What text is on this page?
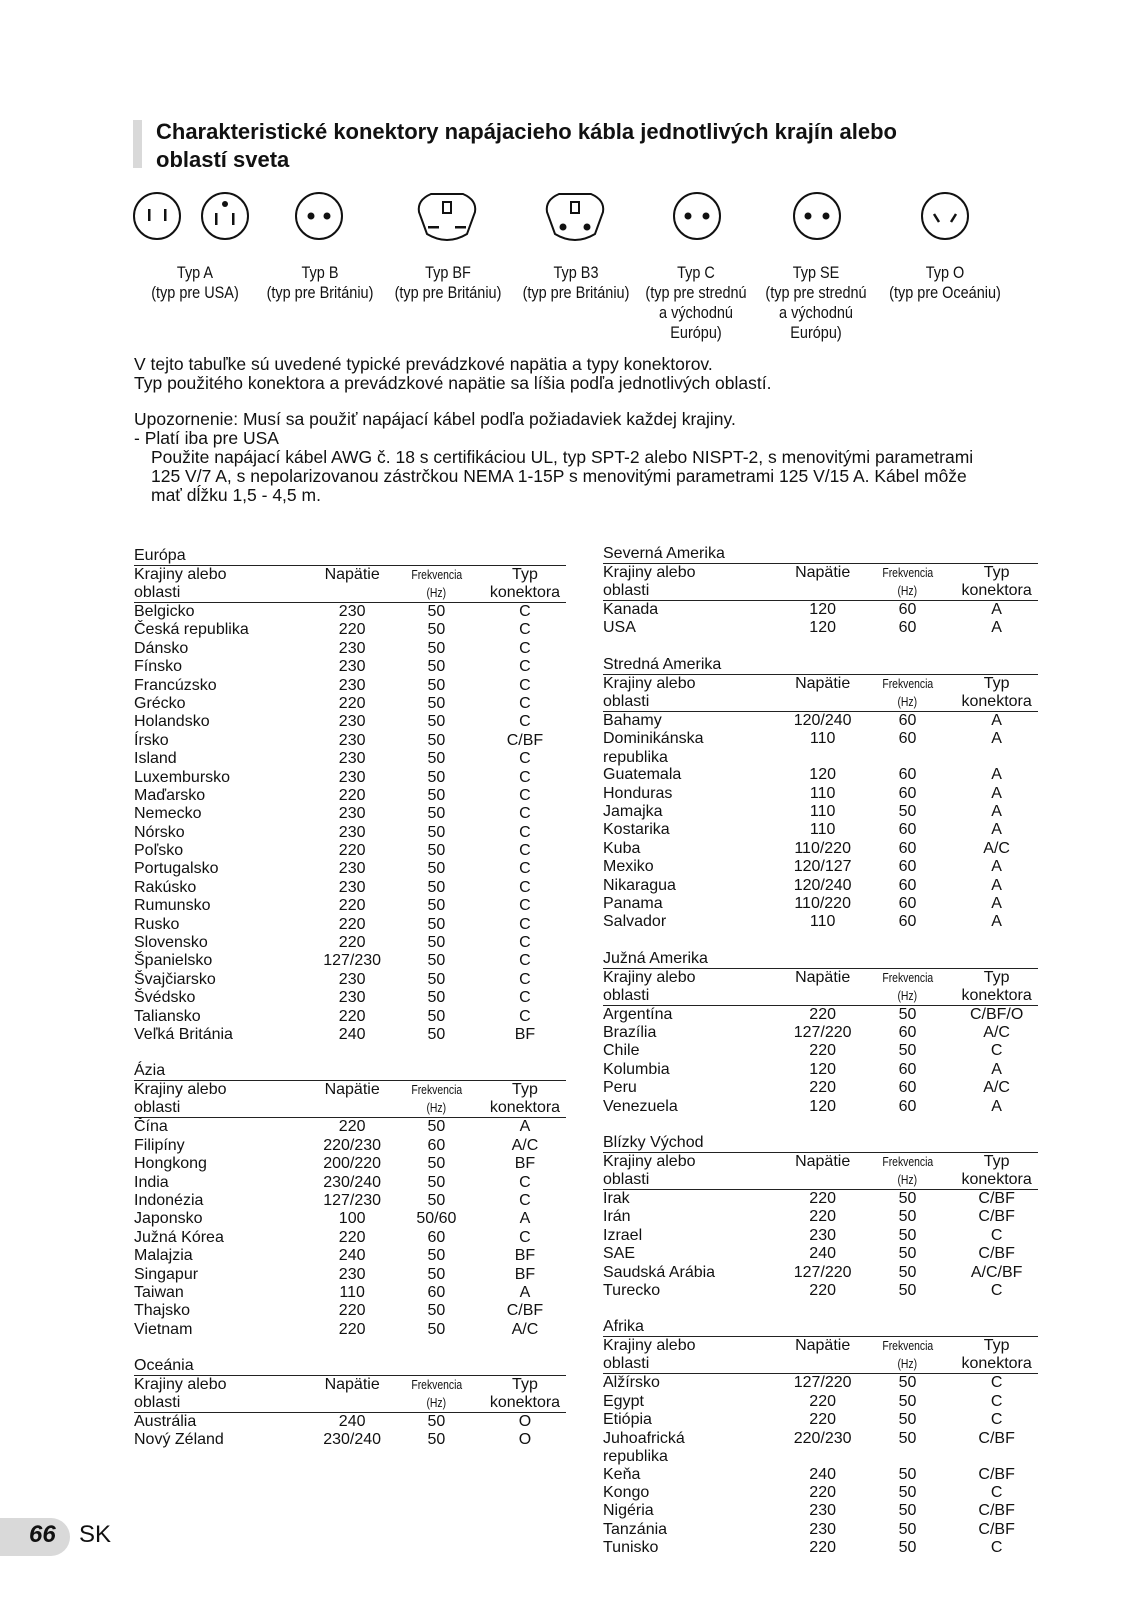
Charakteristické konektory napájacieho kábla jednotlivých krajín alebo
oblastí sveta
Typ A
(typ pre USA)
Typ B
(typ pre Britániu)
Typ BF
(typ pre Britániu)
Typ B3
(typ pre Britániu)
Typ C
(typ pre strednú
a východnú
Európu)
Typ SE
(typ pre strednú
a východnú
Európu)
Typ O
(typ pre Oceániu)

V tejto tabuľke sú uvedené typické prevádzkové napätia a typy konektorov.

Typ použitého konektora a prevádzkové napätie sa líšia podľa jednotlivých oblastí.

Upozornenie: Musí sa použiť napájací kábel podľa požiadaviek každej krajiny.

- Platí iba pre USA

Použite napájací kábel AWG č. 18 s certifikáciou UL, typ SPT-2 alebo NISPT-2, s menovitými parametrami

125 V/7 A, s nepolarizovanou zástrčkou NEMA 1-15P s menovitými parametrami 125 V/15 A. Kábel môže

mať dĺžku 1,5 - 4,5 m.

Európa
Krajiny alebo
oblasti
Napätie	Frekvencia
(Hz)
Typ
konektora
Belgicko	230	50	C
Česká republika	220	50	C
Dánsko	230	50	C
Fínsko	230	50	C
Francúzsko	230	50	C
Grécko	220	50	C
Holandsko	230	50	C
Írsko	230	50	C/BF
Island	230	50	C
Luxembursko	230	50	C
Maďarsko	220	50	C
Nemecko	230	50	C
Nórsko	230	50	C
Poľsko	220	50	C
Portugalsko	230	50	C
Rakúsko	230	50	C
Rumunsko	220	50	C
Rusko	220	50	C
Slovensko	220	50	C
Španielsko	127/230	50	C
Švajčiarsko	230	50	C
Švédsko	230	50	C
Taliansko	220	50	C
Veľká Británia	240	50	BF
Ázia
Krajiny alebo
oblasti
Napätie	Frekvencia
(Hz)
Typ
konektora
Čína	220	50	A
Filipíny	220/230	60	A/C
Hongkong	200/220	50	BF
India	230/240	50	C
Indonézia	127/230	50	C
Japonsko	100	50/60	A
Južná Kórea	220	60	C
Malajzia	240	50	BF
Singapur	230	50	BF
Taiwan	110	60	A
Thajsko	220	50	C/BF
Vietnam	220	50	A/C
Oceánia
Krajiny alebo
oblasti
Napätie	Frekvencia
(Hz)
Typ
konektora
Austrália	240	50	O
Nový Zéland	230/240	50	O
Severná Amerika
Krajiny alebo
oblasti
Napätie	Frekvencia
(Hz)
Typ
konektora
Kanada	120	60	A
USA	120	60	A
Stredná Amerika
Krajiny alebo
oblasti
Napätie	Frekvencia
(Hz)
Typ
konektora
Bahamy	120/240	60	A
Dominikánska
republika
110	60	A
Guatemala	120	60	A
Honduras	110	60	A
Jamajka	110	50	A
Kostarika	110	60	A
Kuba	110/220	60	A/C
Mexiko	120/127	60	A
Nikaragua	120/240	60	A
Panama	110/220	60	A
Salvador	110	60	A
Južná Amerika
Krajiny alebo
oblasti
Napätie	Frekvencia
(Hz)
Typ
konektora
Argentína	220	50	C/BF/O
Brazília	127/220	60	A/C
Chile	220	50	C
Kolumbia	120	60	A
Peru	220	60	A/C
Venezuela	120	60	A
Blízky Východ
Krajiny alebo
oblasti
Napätie	Frekvencia
(Hz)
Typ
konektora
Irak	220	50	C/BF
Irán	220	50	C/BF
Izrael	230	50	C
SAE	240	50	C/BF
Saudská Arábia	127/220	50	A/C/BF
Turecko	220	50	C
Afrika
Krajiny alebo
oblasti
Napätie	Frekvencia
(Hz)
Typ
konektora
Alžírsko	127/220	50	C
Egypt	220	50	C
Etiópia	220	50	C
Juhoafrická
republika
220/230	50	C/BF
Keňa	240	50	C/BF
Kongo	220	50	C
Nigéria	230	50	C/BF
Tanzánia	230	50	C/BF
Tunisko	220	50	C
66 SK
